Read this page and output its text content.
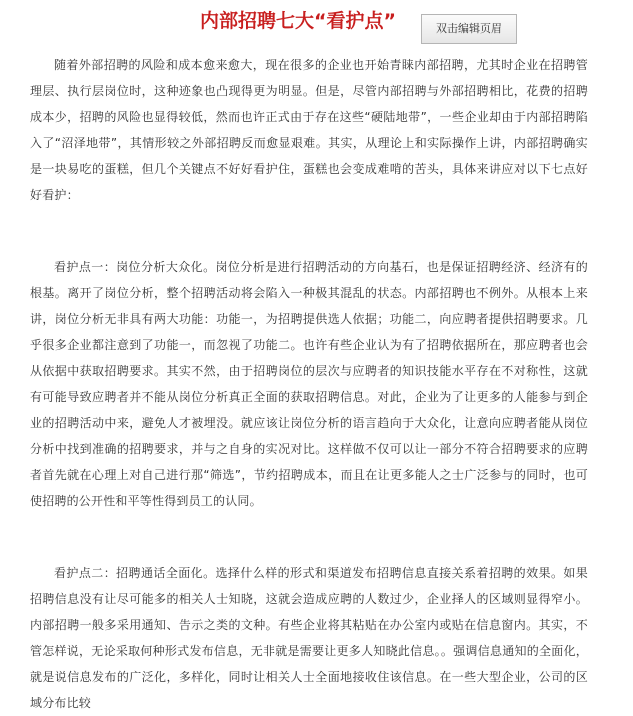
内部招聘七大“看护点”	双击编辑页眉

随着外部招聘的风险和成本愈来愈大，现在很多的企业也开始青睐内部招聘，尤其时企业在招聘管理层、执行层岗位时，这种迹象也凸现得更为明显。但是，尽管内部招聘与外部招聘相比，花费的招聘成本少，招聘的风险也显得较低，然而也许正式由于存在这些“硬陆地带”，一些企业却由于内部招聘陷入了“沼泽地带”，其情形较之外部招聘反而愈显艰难。其实，从理论上和实际操作上讲，内部招聘确实是一块易吃的蛋糕，但几个关键点不好好看护住，蛋糕也会变成难啃的苦头，具体来讲应对以下七点好好看护：

看护点一：岗位分析大众化。岗位分析是进行招聘活动的方向基石，也是保证招聘经济、经济有的根基。离开了岗位分析，整个招聘活动将会陷入一种极其混乱的状态。内部招聘也不例外。从根本上来讲，岗位分析无非具有两大功能：功能一，为招聘提供选人依据；功能二，向应聘者提供招聘要求。几乎很多企业都注意到了功能一，而忽视了功能二。也许有些企业认为有了招聘依据所在，那应聘者也会从依据中获取招聘要求。其实不然，由于招聘岗位的层次与应聘者的知识技能水平存在不对称性，这就有可能导致应聘者并不能从岗位分析真正全面的获取招聘信息。对此，企业为了让更多的人能参与到企业的招聘活动中来，避免人才被埋没。就应该让岗位分析的语言趋向于大众化，让意向应聘者能从岗位分析中找到准确的招聘要求，并与之自身的实况对比。这样做不仅可以让一部分不符合招聘要求的应聘者首先就在心理上对自己进行那“筛选”，节约招聘成本，而且在让更多能人之士广泛参与的同时，也可使招聘的公开性和平等性得到员工的认同。

看护点二：招聘通话全面化。选择什么样的形式和渠道发布招聘信息直接关系着招聘的效果。如果招聘信息没有让尽可能多的相关人士知晓，这就会造成应聘的人数过少，企业择人的区域则显得窄小。内部招聘一般多采用通知、告示之类的文种。有些企业将其粘贴在办公室内或贴在信息窗内。其实，不管怎样说，无论采取何种形式发布信息，无非就是需要让更多人知晓此信息。。强调信息通知的全面化，就是说信息发布的广泛化，多样化，同时让相关人士全面地接收住该信息。在一些大型企业，公司的区域分布比较
